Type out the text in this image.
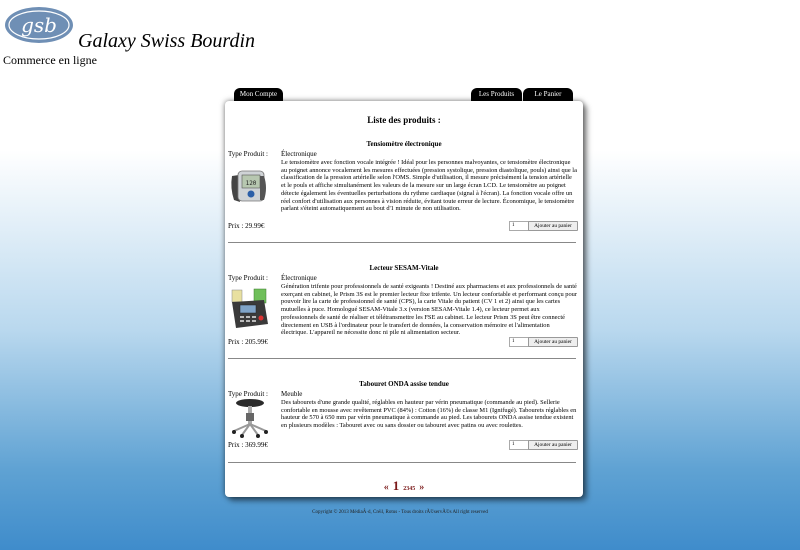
gsb
Galaxy Swiss Bourdin
Commerce en ligne
Mon Compte	Les Produits	Le Panier
Liste des produits :
Tensiomètre électronique
Type Produit : Électronique
120
Le tensiomètre avec fonction vocale intégrée ! Idéal pour les personnes malvoyantes, ce tensiomètre électronique au poignet annonce vocalement les mesures effectuées (pression systolique, pression diastolique, pouls) ainsi que la classification de la pression artérielle selon l'OMS. Simple d'utilisation, il mesure précisément la tension artérielle et le pouls et affiche simultanément les valeurs de la mesure sur un large écran LCD. Le tensiomètre au poignet détecte également les éventuelles perturbations du rythme cardiaque (signal à l'écran). La fonction vocale offre un réel confort d'utilisation aux personnes à vision réduite, évitant toute erreur de lecture. Économique, le tensiomètre parlant s'éteint automatiquement au bout d'1 minute de non utilisation.
Prix : 29.99€	1	Ajouter au panier
Lecteur SESAM-Vitale
Type Produit : Électronique
Génération trifente pour professionnels de santé exigeants ! Destiné aux pharmaciens et aux professionnels de santé exerçant en cabinet, le Prism 3S est le premier lecteur fixe trifente. Un lecteur confortable et performant conçu pour pouvoir lire la carte de professionnel de santé (CPS), la carte Vitale du patient (CV 1 et 2) ainsi que les cartes mutuelles à puce. Homologué SESAM-Vitale 3.x (version SESAM-Vitale 1.4), ce lecteur permet aux professionnels de santé de réaliser et télétransmettre les FSE au cabinet. Le lecteur Prism 3S peut être connecté directement en USB à l'ordinateur pour le transfert de données, la conservation mémoire et l'alimentation électrique. L'appareil ne nécessite donc ni pile ni alimentation secteur.
Prix : 205.99€	1	Ajouter au panier
Tabouret ONDA assise tendue
Type Produit : Meuble
Des tabourets d'une grande qualité, réglables en hauteur par vérin pneumatique (commande au pied). Sellerie confortable en mousse avec revêtement PVC (84%) : Cotton (16%) de classe M1 (Ignifugé). Tabourets réglables en hauteur de 570 à 650 mm par vérin pneumatique à commande au pied. Les tabourets ONDA assise tendue existent en plusieurs modèles : Tabouret avec ou sans dossier ou tabouret avec patins ou avec roulettes.
Prix : 369.99€	1	Ajouter au panier
« 1 2345 »
Copyright © 2013 MédiaÂ·d, Créil, Rotus - Tous droits rÃ©servÃ©s All right reserved
